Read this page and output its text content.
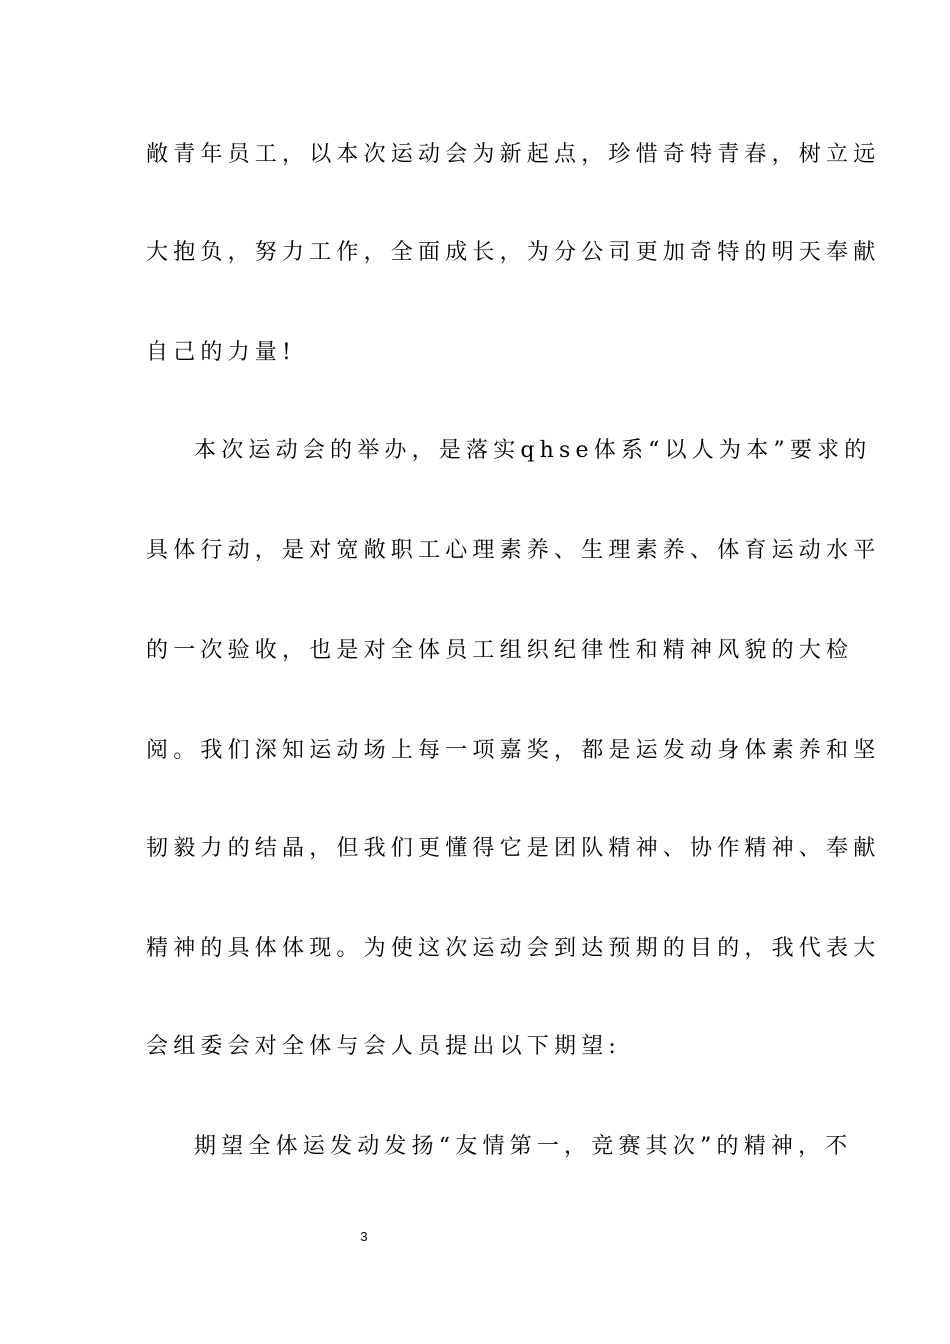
敞青年员工，以本次运动会为新起点，珍惜奇特青春，树立远
大抱负，努力工作，全面成长，为分公司更加奇特的明天奉献
自己的力量!
本次运动会的举办，是落实qhse体系“以人为本”要求的
具体行动，是对宽敞职工心理素养、生理素养、体育运动水平
的一次验收，也是对全体员工组织纪律性和精神风貌的大检
阅。我们深知运动场上每一项嘉奖，都是运发动身体素养和坚
韧毅力的结晶，但我们更懂得它是团队精神、协作精神、奉献
精神的具体体现。为使这次运动会到达预期的目的，我代表大
会组委会对全体与会人员提出以下期望:
期望全体运发动发扬“友情第一，竞赛其次”的精神，不
3
